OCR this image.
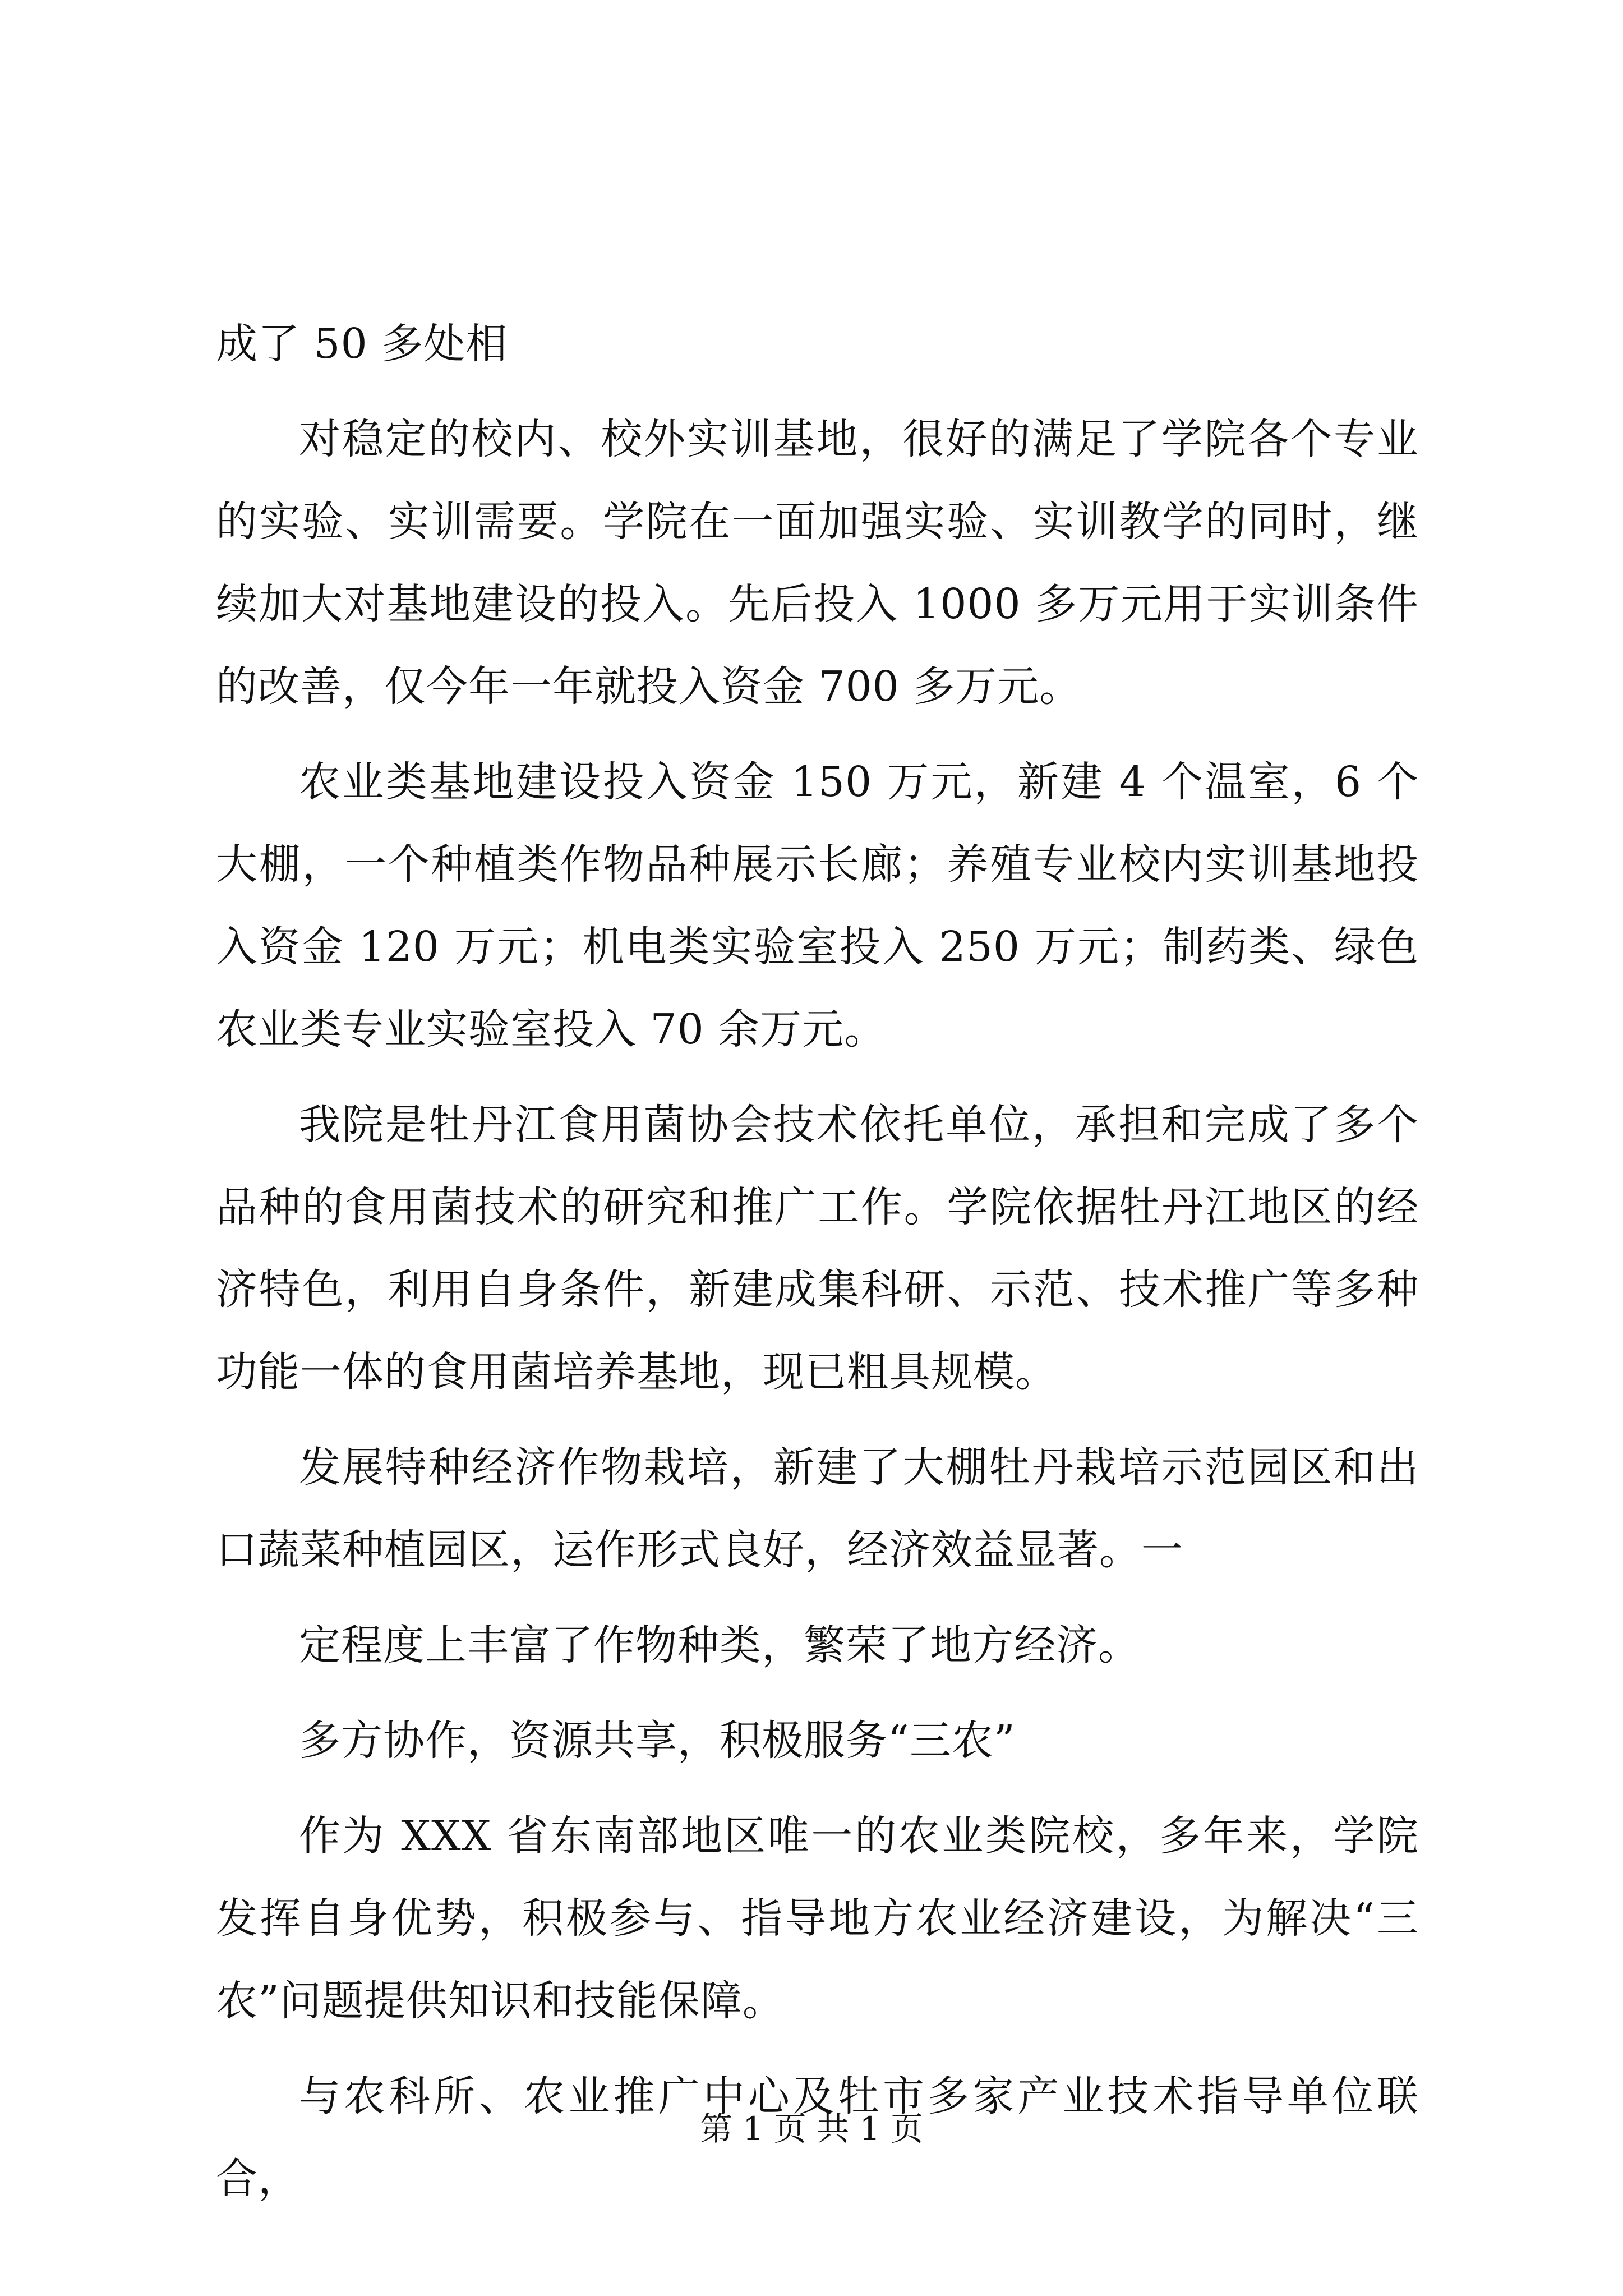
成了 50 多处相

对稳定的校内、校外实训基地，很好的满足了学院各个专业的实验、实训需要。学院在一面加强实验、实训教学的同时，继续加大对基地建设的投入。先后投入 1000 多万元用于实训条件的改善，仅今年一年就投入资金 700 多万元。

农业类基地建设投入资金 150 万元，新建 4 个温室，6 个大棚，一个种植类作物品种展示长廊；养殖专业校内实训基地投入资金 120 万元；机电类实验室投入 250 万元；制药类、绿色农业类专业实验室投入 70 余万元。

我院是牡丹江食用菌协会技术依托单位，承担和完成了多个品种的食用菌技术的研究和推广工作。学院依据牡丹江地区的经济特色，利用自身条件，新建成集科研、示范、技术推广等多种功能一体的食用菌培养基地，现已粗具规模。

发展特种经济作物栽培，新建了大棚牡丹栽培示范园区和出口蔬菜种植园区，运作形式良好，经济效益显著。一

定程度上丰富了作物种类，繁荣了地方经济。

多方协作，资源共享，积极服务“三农”

作为 XXX 省东南部地区唯一的农业类院校，多年来，学院发挥自身优势，积极参与、指导地方农业经济建设，为解决“三农”问题提供知识和技能保障。

与农科所、农业推广中心及牡市多家产业技术指导单位联合，

第 1 页 共 1 页
